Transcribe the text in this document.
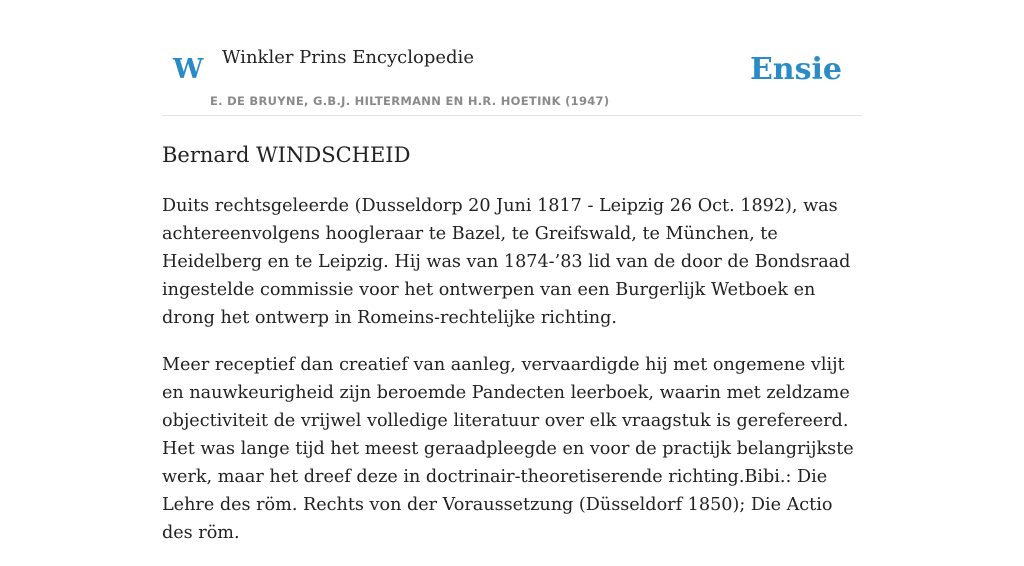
W Winkler Prins Encyclopedie
E. DE BRUYNE, G.B.J. HILTERMANN EN H.R. HOETINK (1947)
Ensie
Bernard WINDSCHEID

Duits rechtsgeleerde (Dusseldorp 20 Juni 1817 - Leipzig 26 Oct. 1892), was achtereenvolgens hoogleraar te Bazel, te Greifswald, te München, te Heidelberg en te Leipzig. Hij was van 1874-’83 lid van de door de Bondsraad ingestelde commissie voor het ontwerpen van een Burgerlijk Wetboek en drong het ontwerp in Romeins-rechtelijke richting.

Meer receptief dan creatief van aanleg, vervaardigde hij met ongemene vlijt en nauwkeurigheid zijn beroemde Pandecten leerboek, waarin met zeldzame objectiviteit de vrijwel volledige literatuur over elk vraagstuk is gerefereerd. Het was lange tijd het meest geraadpleegde en voor de practijk belangrijkste werk, maar het dreef deze in doctrinair-theoretiserende richting.Bibi.: Die Lehre des röm. Rechts von der Voraussetzung (Düsseldorf 1850); Die Actio des röm.
